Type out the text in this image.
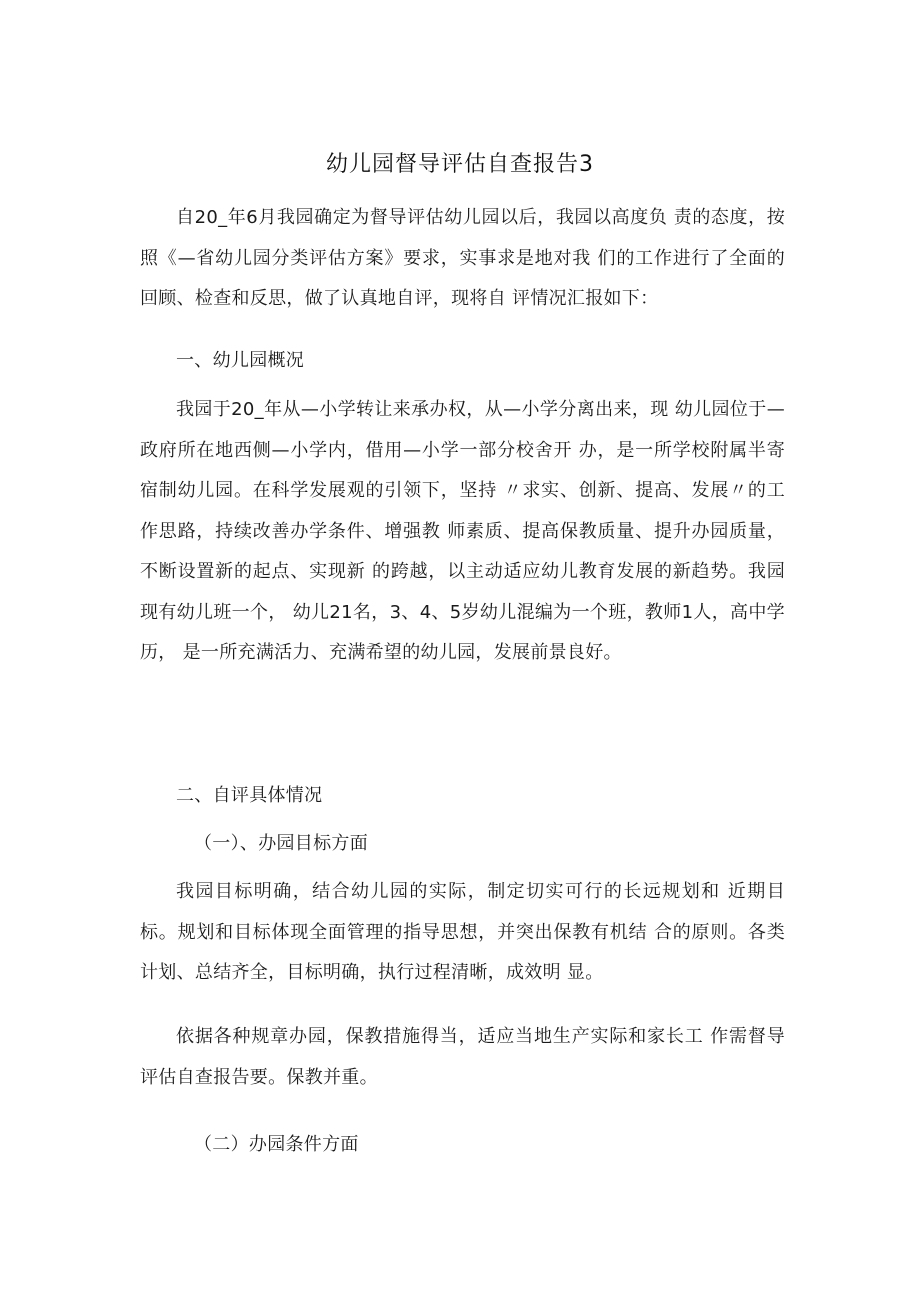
幼儿园督导评估自查报告3

自20_年6月我园确定为督导评估幼儿园以后，我园以高度负 责的态度，按照《—省幼儿园分类评估方案》要求，实事求是地对我 们的工作进行了全面的回顾、检查和反思，做了认真地自评，现将自 评情况汇报如下：

一、幼儿园概况

我园于20_年从—小学转让来承办权，从—小学分离出来，现 幼儿园位于—政府所在地西侧—小学内，借用—小学一部分校舍开 办，是一所学校附属半寄宿制幼儿园。在科学发展观的引领下，坚持 〃求实、创新、提高、发展〃的工作思路，持续改善办学条件、增强教 师素质、提高保教质量、提升办园质量，不断设置新的起点、实现新 的跨越，以主动适应幼儿教育发展的新趋势。我园现有幼儿班一个， 幼儿21名，3、4、5岁幼儿混编为一个班，教师1人，高中学历， 是一所充满活力、充满希望的幼儿园，发展前景良好。

二、自评具体情况

（一）、办园目标方面

我园目标明确，结合幼儿园的实际，制定切实可行的长远规划和 近期目标。规划和目标体现全面管理的指导思想，并突出保教有机结 合的原则。各类计划、总结齐全，目标明确，执行过程清晰，成效明 显。

依据各种规章办园，保教措施得当，适应当地生产实际和家长工 作需督导评估自查报告要。保教并重。

（二）办园条件方面
